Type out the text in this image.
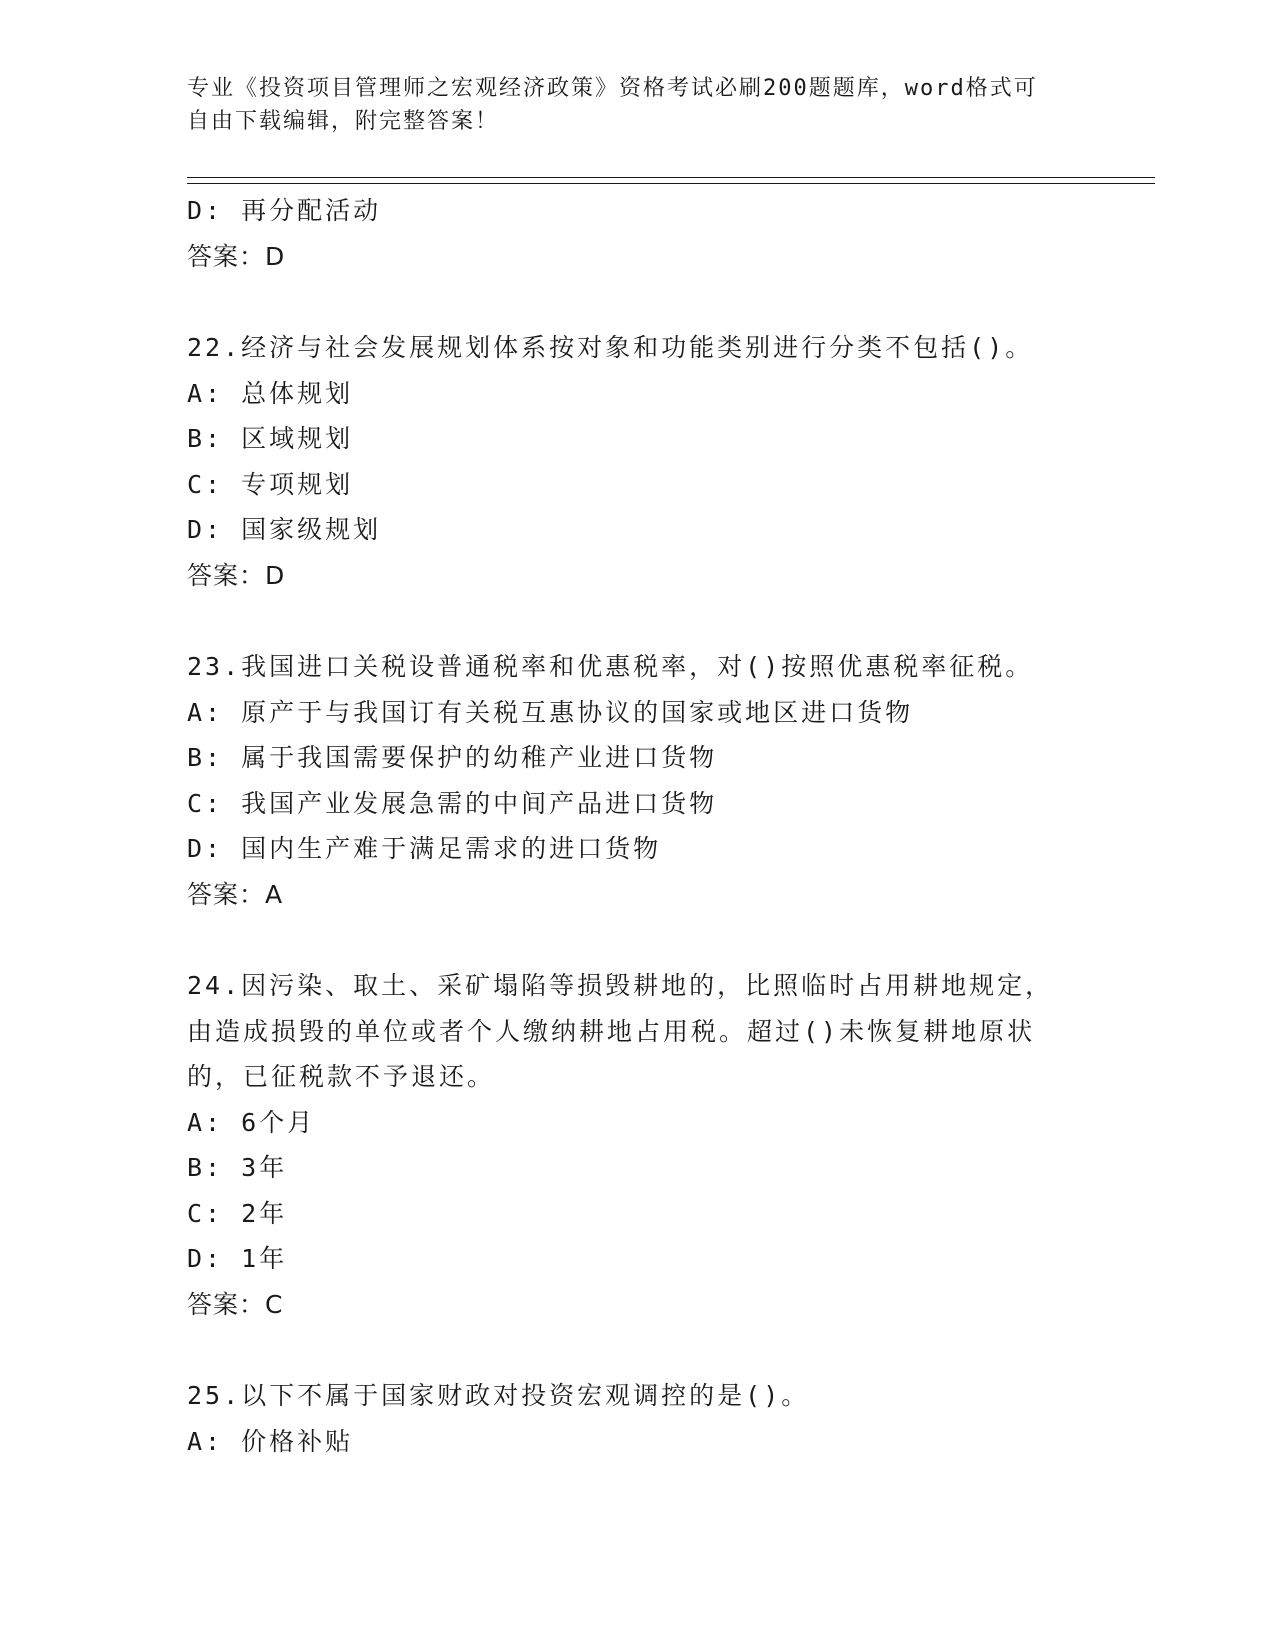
专业《投资项目管理师之宏观经济政策》资格考试必刷200题题库，word格式可
自由下载编辑，附完整答案！
D: 再分配活动
答案：D
22.经济与社会发展规划体系按对象和功能类别进行分类不包括()。
A: 总体规划
B: 区域规划
C: 专项规划
D: 国家级规划
答案：D
23.我国进口关税设普通税率和优惠税率，对()按照优惠税率征税。
A: 原产于与我国订有关税互惠协议的国家或地区进口货物
B: 属于我国需要保护的幼稚产业进口货物
C: 我国产业发展急需的中间产品进口货物
D: 国内生产难于满足需求的进口货物
答案：A
24.因污染、取土、采矿塌陷等损毁耕地的，比照临时占用耕地规定，
由造成损毁的单位或者个人缴纳耕地占用税。超过()未恢复耕地原状
的，已征税款不予退还。
A: 6个月
B: 3年
C: 2年
D: 1年
答案：C
25.以下不属于国家财政对投资宏观调控的是()。
A: 价格补贴
